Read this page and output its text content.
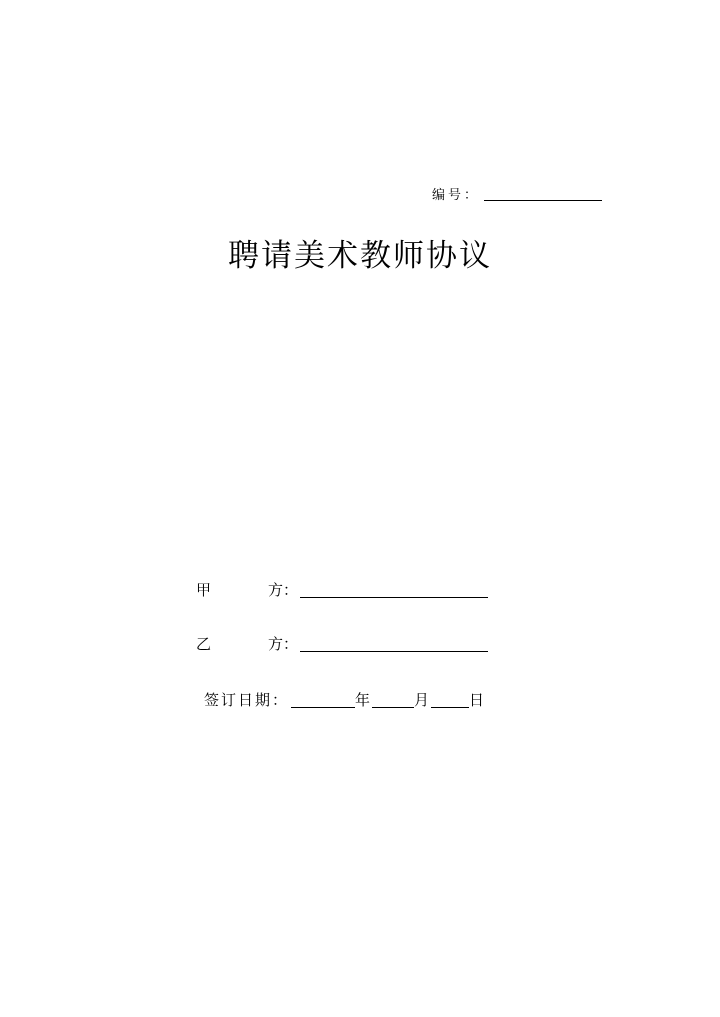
编号：
聘请美术教师协议
甲	方：
乙	方：
签订日期：	年	月	日
